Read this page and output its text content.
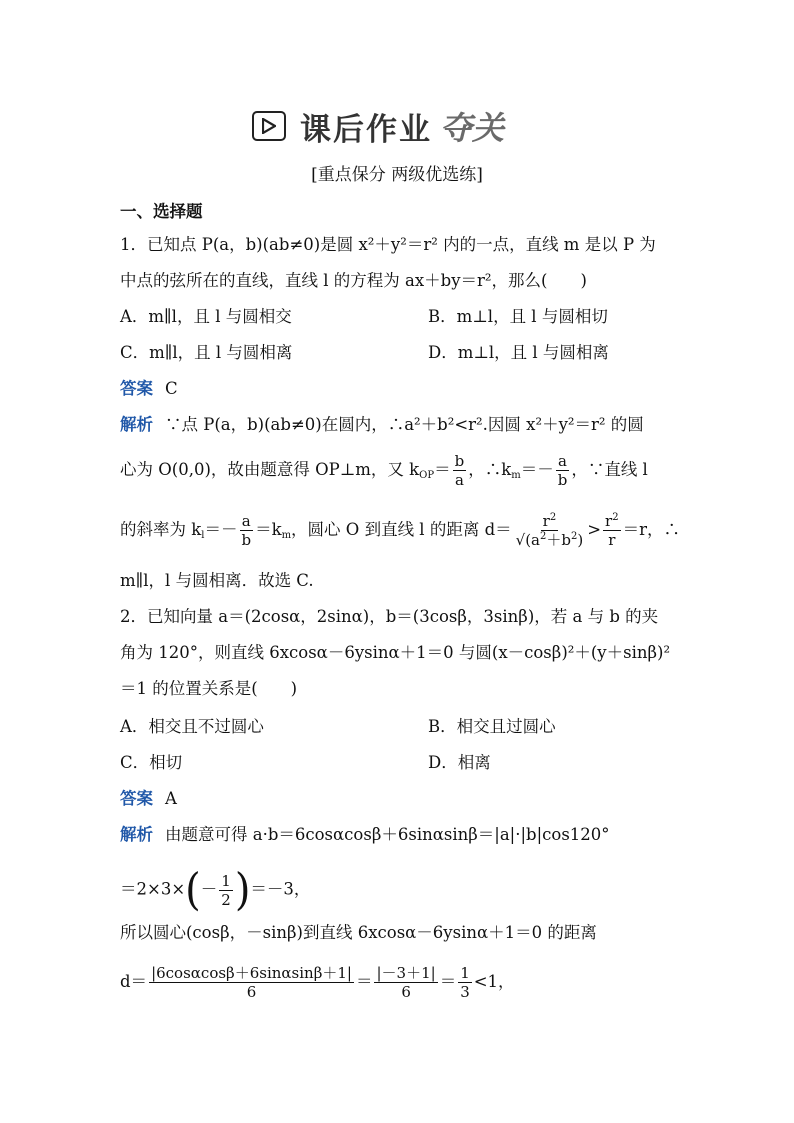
课后作业 夺关
[重点保分 两级优选练]
一、选择题
1．已知点 P(a，b)(ab≠0)是圆 x²＋y²＝r² 内的一点，直线 m 是以 P 为
中点的弦所在的直线，直线 l 的方程为 ax＋by＝r²，那么(　　)
A．m∥l，且 l 与圆相交	B．m⊥l，且 l 与圆相切
C．m∥l，且 l 与圆相离	D．m⊥l，且 l 与圆相离
答案 C
解析 ∵点 P(a，b)(ab≠0)在圆内，∴a²＋b²<r².因圆 x²＋y²＝r² 的圆
心为 O(0,0)，故由题意得 OP⊥m，又 $k_{OP}= \frac{b}{a}$ ，$\therefore k_m=- \frac{a}{b}$ ，∵直线 l
的斜率为 $k_l=- \frac{a}{b} =k_m$，圆心 O 到直线 l 的距离 $d= \frac{r^2}{√(a^2+b^2)} > \frac{r^2}{r} =r$，∴
m∥l，l 与圆相离．故选 C.
2．已知向量 a＝(2cosα，2sinα)，b＝(3cosβ，3sinβ)，若 a 与 b 的夹
角为 120°，则直线 6xcosα－6ysinα＋1＝0 与圆(x－cosβ)²＋(y＋sinβ)²
＝1 的位置关系是(　　)
A．相交且不过圆心	B．相交且过圆心
C．相切	D．相离
答案 A
解析 由题意可得 a·b＝6cosαcosβ＋6sinαsinβ＝|a|·|b|cos120°
$=2\times 3\times(- \frac{1}{2} )=-3$，
所以圆心(cosβ，－sinβ)到直线 6xcosα－6ysinα＋1＝0 的距离
$d= \frac{|6\cos\alpha\cos\beta+6\sin\alpha\sin\beta+1|}{6} = \frac{|-3+1|}{6} = \frac{1}{3} <1$，
